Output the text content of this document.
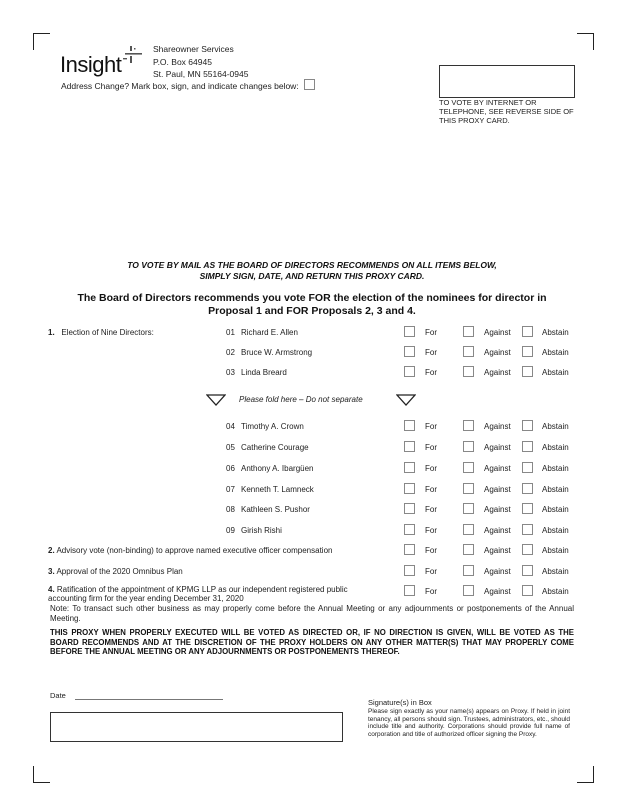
Insight
Shareowner Services
P.O. Box 64945
St. Paul, MN 55164-0945
Address Change? Mark box, sign, and indicate changes below:
TO VOTE BY INTERNET OR TELEPHONE, SEE REVERSE SIDE OF THIS PROXY CARD.
TO VOTE BY MAIL AS THE BOARD OF DIRECTORS RECOMMENDS ON ALL ITEMS BELOW,
SIMPLY SIGN, DATE, AND RETURN THIS PROXY CARD.
The Board of Directors recommends you vote FOR the election of the nominees for director in
Proposal 1 and FOR Proposals 2, 3 and 4.
1. Election of Nine Directors:	01 Richard E. Allen	For	Against	Abstain
02 Bruce W. Armstrong	For	Against	Abstain
03 Linda Breard	For	Against	Abstain
Please fold here – Do not separate
04 Timothy A. Crown	For	Against	Abstain
05 Catherine Courage	For	Against	Abstain
06 Anthony A. Ibargüen	For	Against	Abstain
07 Kenneth T. Lamneck	For	Against	Abstain
08 Kathleen S. Pushor	For	Against	Abstain
09 Girish Rishi	For	Against	Abstain
2. Advisory vote (non-binding) to approve named executive officer compensation	For	Against	Abstain
3. Approval of the 2020 Omnibus Plan	For	Against	Abstain
4. Ratification of the appointment of KPMG LLP as our independent registered public accounting firm for the year ending December 31, 2020
For	Against	Abstain
Note: To transact such other business as may properly come before the Annual Meeting or any adjournments or postponements of the Annual Meeting.
THIS PROXY WHEN PROPERLY EXECUTED WILL BE VOTED AS DIRECTED OR, IF NO DIRECTION IS GIVEN, WILL BE VOTED AS THE BOARD RECOMMENDS AND AT THE DISCRETION OF THE PROXY HOLDERS ON ANY OTHER MATTER(S) THAT MAY PROPERLY COME BEFORE THE ANNUAL MEETING OR ANY ADJOURNMENTS OR POSTPONEMENTS THEREOF.
Date
Signature(s) in Box
Please sign exactly as your name(s) appears on Proxy. If held in joint tenancy, all persons should sign. Trustees, administrators, etc., should include title and authority. Corporations should provide full name of corporation and title of authorized officer signing the Proxy.
